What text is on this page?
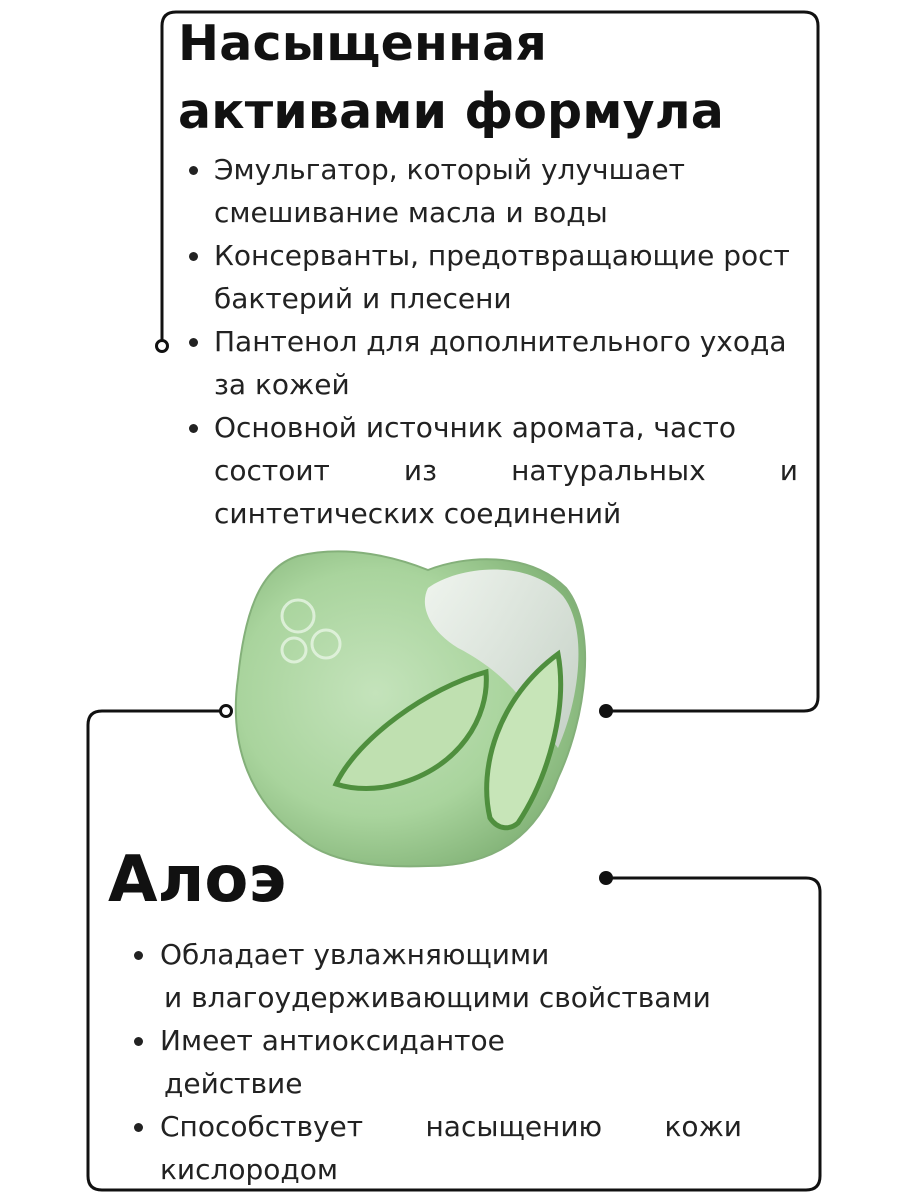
Насыщенная активами формула
Эмульгатор, который улучшает
смешивание масла и воды
Консерванты, предотвращающие рост
бактерий и плесени
Пантенол для дополнительного ухода
за кожей
Основной источник аромата, часто
состоит из натуральных и
синтетических соединений
Алоэ
Обладает увлажняющими
и влагоудерживающими свойствами
Имеет антиоксидантое
действие
Способствует насыщению кожи
кислородом
